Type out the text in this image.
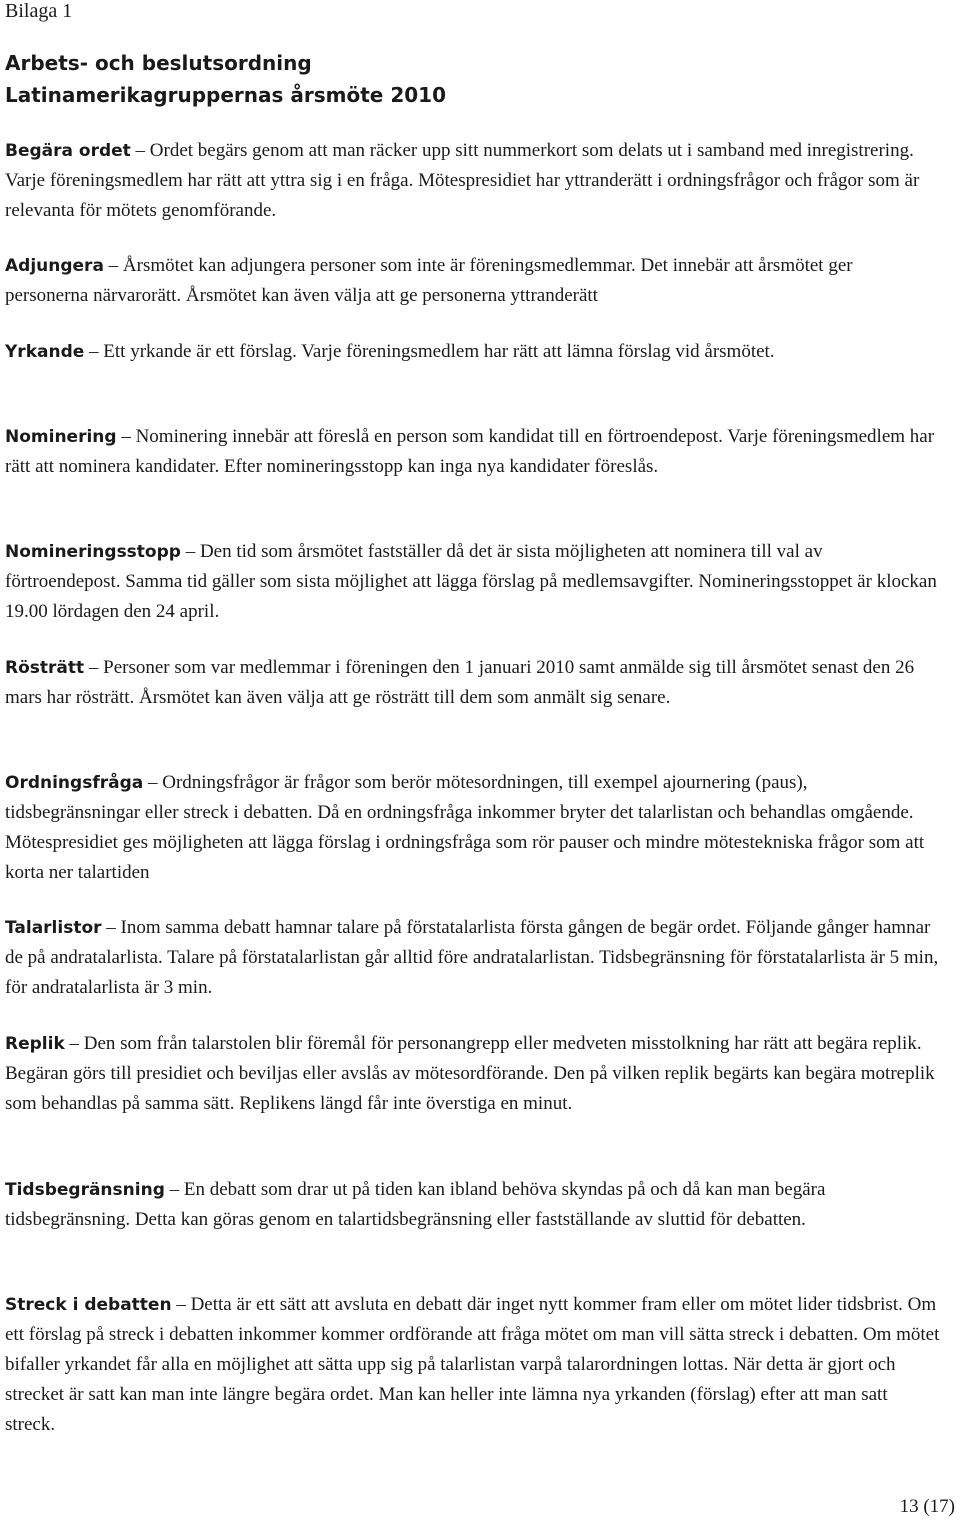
Bilaga 1
Arbets- och beslutsordning
Latinamerikagruppernas årsmöte 2010

Begära ordet – Ordet begärs genom att man räcker upp sitt nummerkort som delats ut i samband med inregistrering. Varje föreningsmedlem har rätt att yttra sig i en fråga. Mötespresidiet har yttranderätt i ordningsfrågor och frågor som är relevanta för mötets genomförande.

Adjungera – Årsmötet kan adjungera personer som inte är föreningsmedlemmar. Det innebär att årsmötet ger personerna närvarorätt. Årsmötet kan även välja att ge personerna yttranderätt

Yrkande – Ett yrkande är ett förslag. Varje föreningsmedlem har rätt att lämna förslag vid årsmötet.

Nominering – Nominering innebär att föreslå en person som kandidat till en förtroendepost. Varje föreningsmedlem har rätt att nominera kandidater. Efter nomineringsstopp kan inga nya kandidater föreslås.

Nomineringsstopp – Den tid som årsmötet fastställer då det är sista möjligheten att nominera till val av förtroendepost. Samma tid gäller som sista möjlighet att lägga förslag på medlemsavgifter. Nomineringsstoppet är klockan 19.00 lördagen den 24 april.

Rösträtt – Personer som var medlemmar i föreningen den 1 januari 2010 samt anmälde sig till årsmötet senast den 26 mars har rösträtt. Årsmötet kan även välja att ge rösträtt till dem som anmält sig senare.

Ordningsfråga – Ordningsfrågor är frågor som berör mötesordningen, till exempel ajournering (paus), tidsbegränsningar eller streck i debatten. Då en ordningsfråga inkommer bryter det talarlistan och behandlas omgående. Mötespresidiet ges möjligheten att lägga förslag i ordningsfråga som rör pauser och mindre mötestekniska frågor som att korta ner talartiden

Talarlistor – Inom samma debatt hamnar talare på förstatalarlista första gången de begär ordet. Följande gånger hamnar de på andratalarlista. Talare på förstatalarlistan går alltid före andratalarlistan. Tidsbegränsning för förstatalarlista är 5 min, för andratalarlista är 3 min.

Replik – Den som från talarstolen blir föremål för personangrepp eller medveten misstolkning har rätt att begära replik. Begäran görs till presidiet och beviljas eller avslås av mötesordförande. Den på vilken replik begärts kan begära motreplik som behandlas på samma sätt. Replikens längd får inte överstiga en minut.

Tidsbegränsning – En debatt som drar ut på tiden kan ibland behöva skyndas på och då kan man begära tidsbegränsning. Detta kan göras genom en talartidsbegränsning eller fastställande av sluttid för debatten.

Streck i debatten – Detta är ett sätt att avsluta en debatt där inget nytt kommer fram eller om mötet lider tidsbrist. Om ett förslag på streck i debatten inkommer kommer ordförande att fråga mötet om man vill sätta streck i debatten. Om mötet bifaller yrkandet får alla en möjlighet att sätta upp sig på talarlistan varpå talarordningen lottas. När detta är gjort och strecket är satt kan man inte längre begära ordet. Man kan heller inte lämna nya yrkanden (förslag) efter att man satt streck.

13 (17)
